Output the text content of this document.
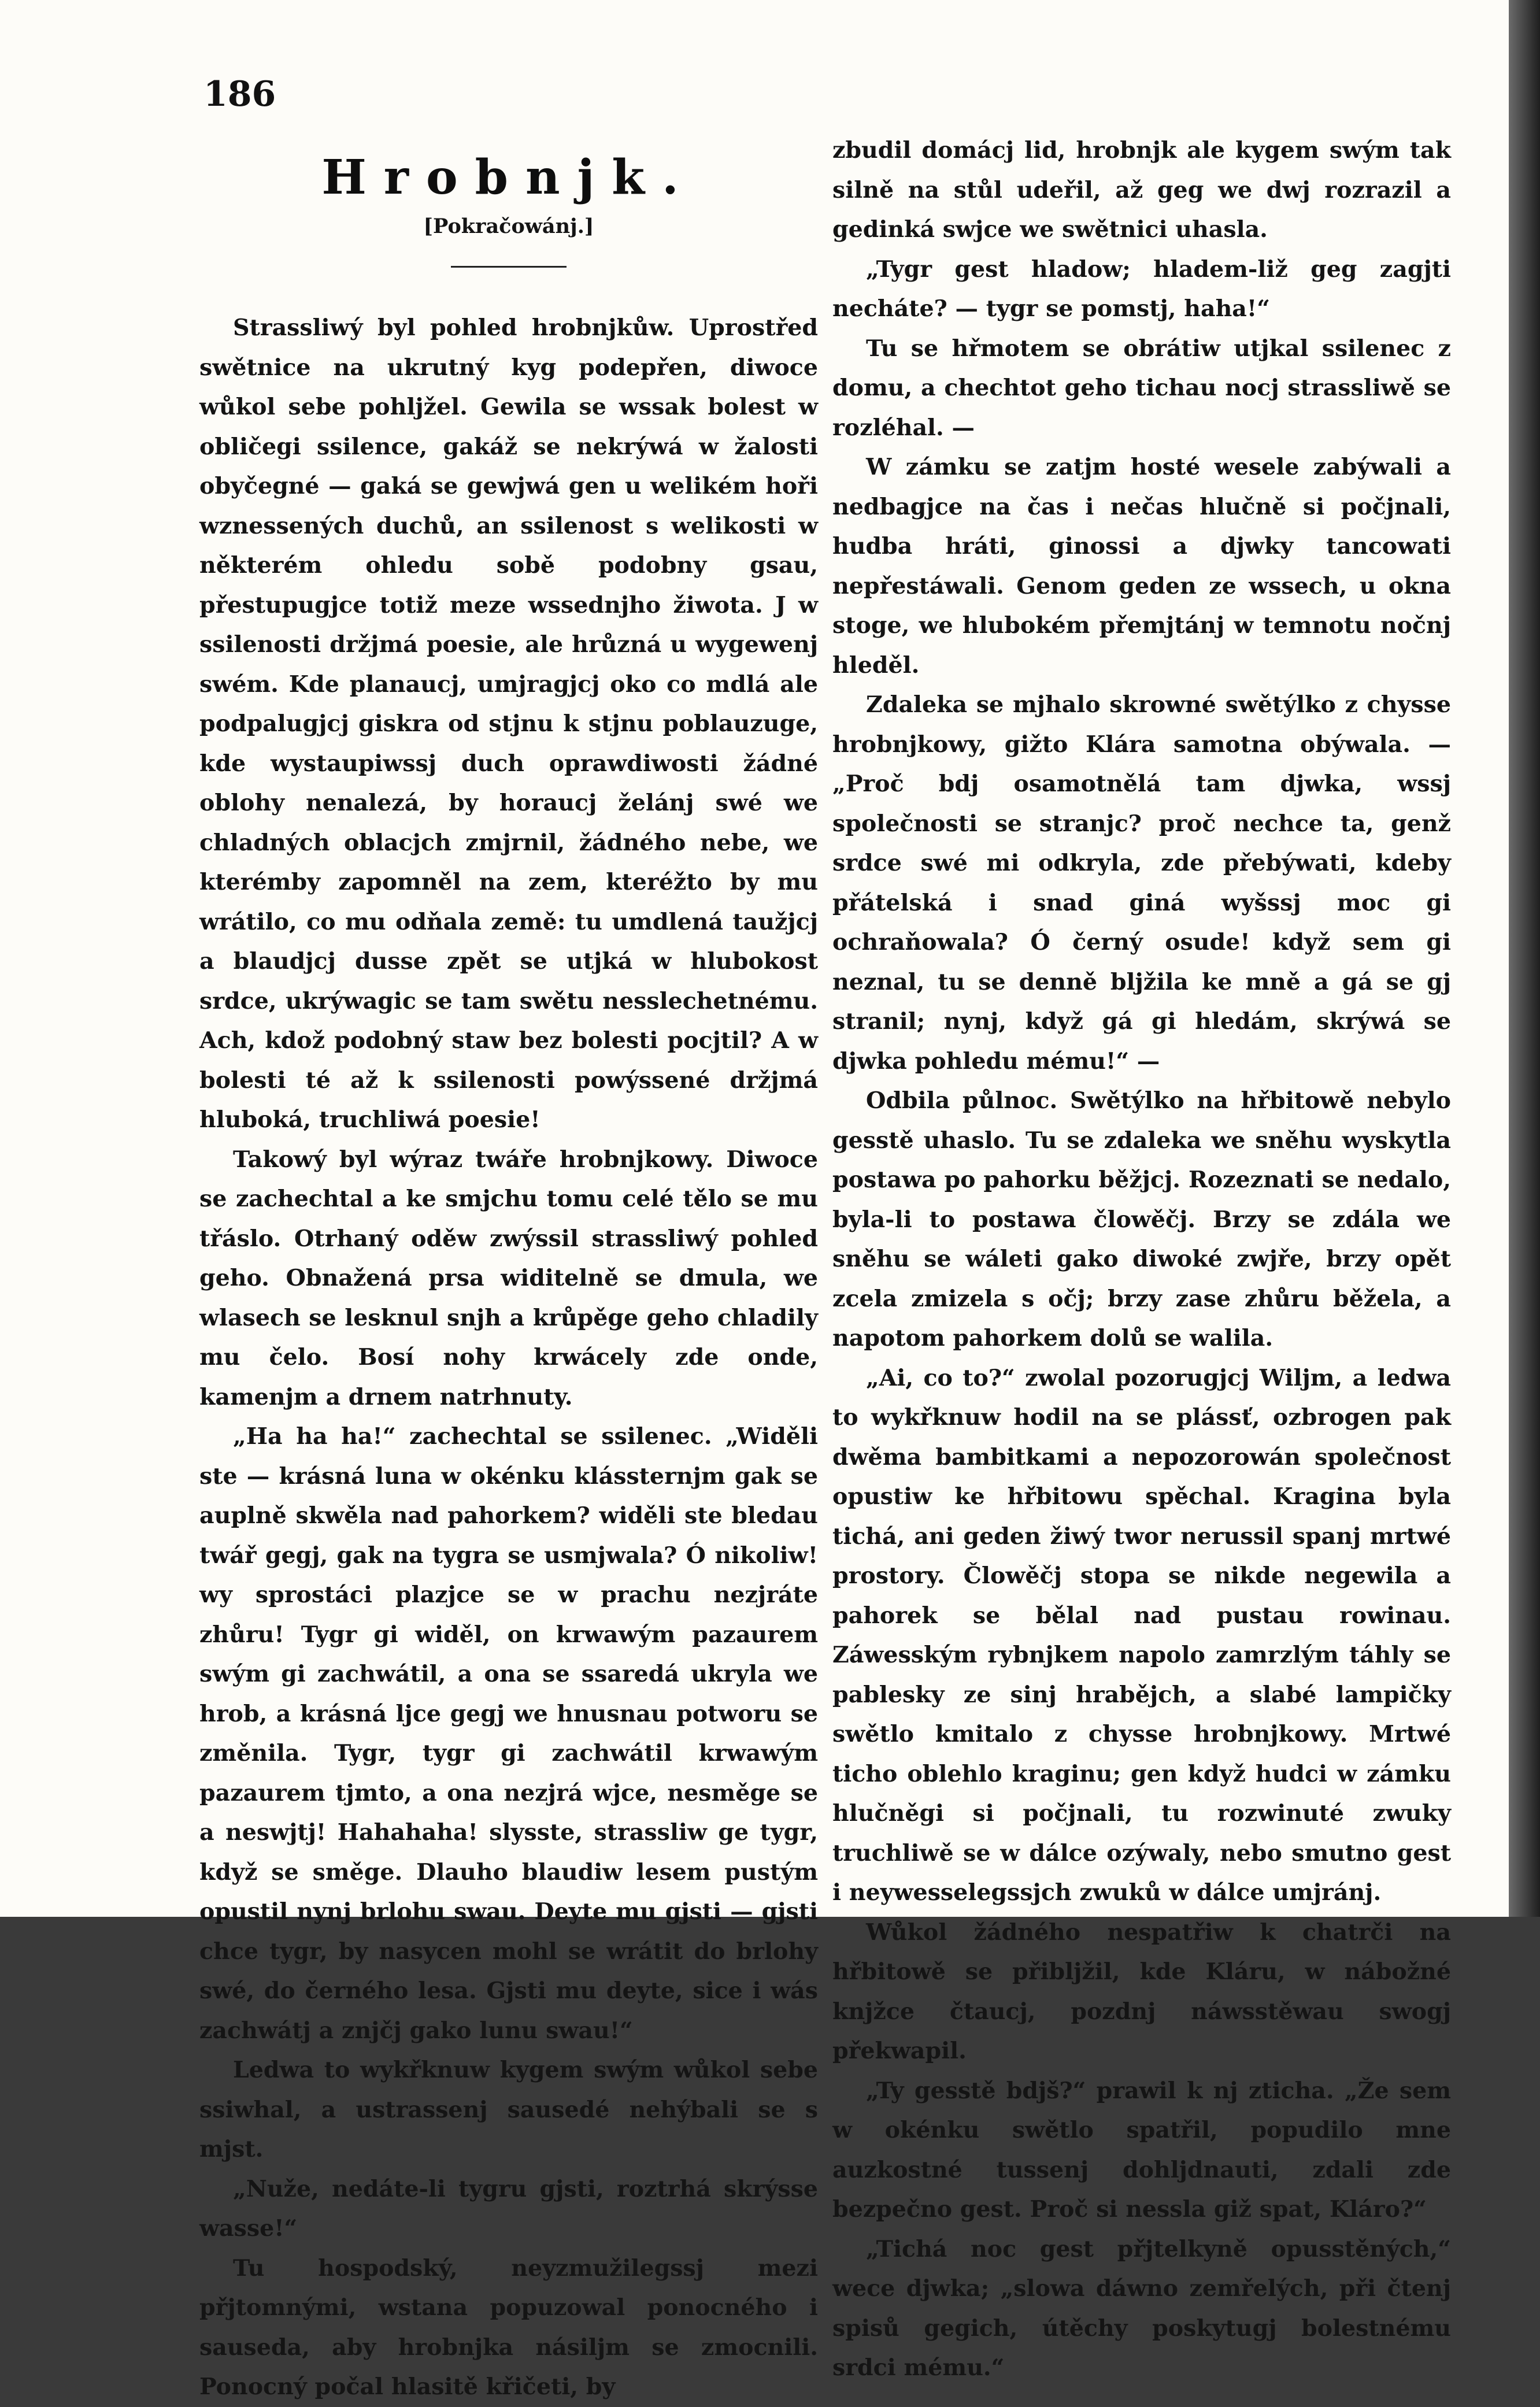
186
Hrobnjk.
[Pokračowánj.]

Strassliwý byl pohled hrobnjkůw. Uprostřed swětnice na ukrutný kyg podepřen, diwoce wůkol sebe pohljžel. Gewila se wssak bolest w obličegi ssilence, gakáž se nekrýwá w žalosti obyčegné — gaká se gewjwá gen u welikém hoři wznessených duchů, an ssilenost s welikosti w některém ohledu sobě podobny gsau, přestupugjce totiž meze wssednjho žiwota. J w ssilenosti držjmá poesie, ale hrůzná u wygewenj swém. Kde planaucj, umjragjcj oko co mdlá ale podpalugjcj giskra od stjnu k stjnu poblauzuge, kde wystaupiwssj duch oprawdiwosti žádné oblohy nenalezá, by horaucj želánj swé we chladných oblacjch zmjrnil, žádného nebe, we kterémby zapomněl na zem, kteréžto by mu wrátilo, co mu odňala země: tu umdlená taužjcj a blaudjcj dusse zpět se utjká w hlubokost srdce, ukrýwagic se tam swětu nesslechetnému. Ach, kdož podobný staw bez bolesti pocjtil? A w bolesti té až k ssilenosti powýssené držjmá hluboká, truchliwá poesie!

Takowý byl wýraz twáře hrobnjkowy. Diwoce se zachechtal a ke smjchu tomu celé tělo se mu třáslo. Otrhaný oděw zwýssil strassliwý pohled geho. Obnažená prsa widitelně se dmula, we wlasech se lesknul snjh a krůpěge geho chladily mu čelo. Bosí nohy krwácely zde onde, kamenjm a drnem natrhnuty.

„Ha ha ha!“ zachechtal se ssilenec. „Widěli ste — krásná luna w okénku klássternjm gak se auplně skwěla nad pahorkem? widěli ste bledau twář gegj, gak na tygra se usmjwala? Ó nikoliw! wy sprostáci plazjce se w prachu nezjráte zhůru! Tygr gi widěl, on krwawým pazaurem swým gi zachwátil, a ona se ssaredá ukryla we hrob, a krásná ljce gegj we hnusnau potworu se změnila. Tygr, tygr gi zachwátil krwawým pazaurem tjmto, a ona nezjrá wjce, nesměge se a neswjtj! Hahahaha! slysste, strassliw ge tygr, když se směge. Dlauho blaudiw lesem pustým opustil nynj brlohu swau. Deyte mu gjsti — gjsti chce tygr, by nasycen mohl se wrátit do brlohy swé, do černého lesa. Gjsti mu deyte, sice i wás zachwátj a znjčj gako lunu swau!“

Ledwa to wykřknuw kygem swým wůkol sebe ssiwhal, a ustrassenj sausedé nehýbali se s mjst.

„Nuže, nedáte-li tygru gjsti, roztrhá skrýsse wasse!“

Tu hospodský, neyzmužilegssj mezi přjtomnými, wstana popuzowal ponocného i sauseda, aby hrobnjka násiljm se zmocnili. Ponocný počal hlasitě křičeti, by

zbudil domácj lid, hrobnjk ale kygem swým tak silně na stůl udeřil, až geg we dwj rozrazil a gedinká swjce we swětnici uhasla.

„Tygr gest hladow; hladem-liž geg zagjti necháte? — tygr se pomstj, haha!“

Tu se hřmotem se obrátiw utjkal ssilenec z domu, a chechtot geho tichau nocj strassliwě se rozléhal. —

W zámku se zatjm hosté wesele zabýwali a nedbagjce na čas i nečas hlučně si počjnali, hudba hráti, ginossi a djwky tancowati nepřestáwali. Genom geden ze wssech, u okna stoge, we hlubokém přemjtánj w temnotu nočnj hleděl.

Zdaleka se mjhalo skrowné swětýlko z chysse hrobnjkowy, gižto Klára samotna obýwala. — „Proč bdj osamotnělá tam djwka, wssj společnosti se stranjc? proč nechce ta, genž srdce swé mi odkryla, zde přebýwati, kdeby přátelská i snad giná wyšssj moc gi ochraňowala? Ó černý osude! když sem gi neznal, tu se denně bljžila ke mně a gá se gj stranil; nynj, když gá gi hledám, skrýwá se djwka pohledu mému!“ —

Odbila půlnoc. Swětýlko na hřbitowě nebylo gesstě uhaslo. Tu se zdaleka we sněhu wyskytla postawa po pahorku běžjcj. Rozeznati se nedalo, byla-li to postawa člowěčj. Brzy se zdála we sněhu se wáleti gako diwoké zwjře, brzy opět zcela zmizela s očj; brzy zase zhůru běžela, a napotom pahorkem dolů se walila.

„Ai, co to?“ zwolal pozorugjcj Wiljm, a ledwa to wykřknuw hodil na se plássť, ozbrogen pak dwěma bambitkami a nepozorowán společnost opustiw ke hřbitowu spěchal. Kragina byla tichá, ani geden žiwý twor nerussil spanj mrtwé prostory. Člowěčj stopa se nikde negewila a pahorek se bělal nad pustau rowinau. Záwesským rybnjkem napolo zamrzlým táhly se pablesky ze sinj hrabějch, a slabé lampičky swětlo kmitalo z chysse hrobnjkowy. Mrtwé ticho oblehlo kraginu; gen když hudci w zámku hlučněgi si počjnali, tu rozwinuté zwuky truchliwě se w dálce ozýwaly, nebo smutno gest i neywesselegssjch zwuků w dálce umjránj.

Wůkol žádného nespatřiw k chatrči na hřbitowě se přibljžil, kde Kláru, w nábožné knjžce čtaucj, pozdnj náwsstěwau swogj překwapil.

„Ty gesstě bdjš?“ prawil k nj zticha. „Že sem w okénku swětlo spatřil, popudilo mne auzkostné tussenj dohljdnauti, zdali zde bezpečno gest. Proč si nessla giž spat, Kláro?“

„Tichá noc gest přjtelkyně opusstěných,“ wece djwka; „slowa dáwno zemřelých, při čtenj spisů gegich, útěchy poskytugj bolestnému srdci mému.“
